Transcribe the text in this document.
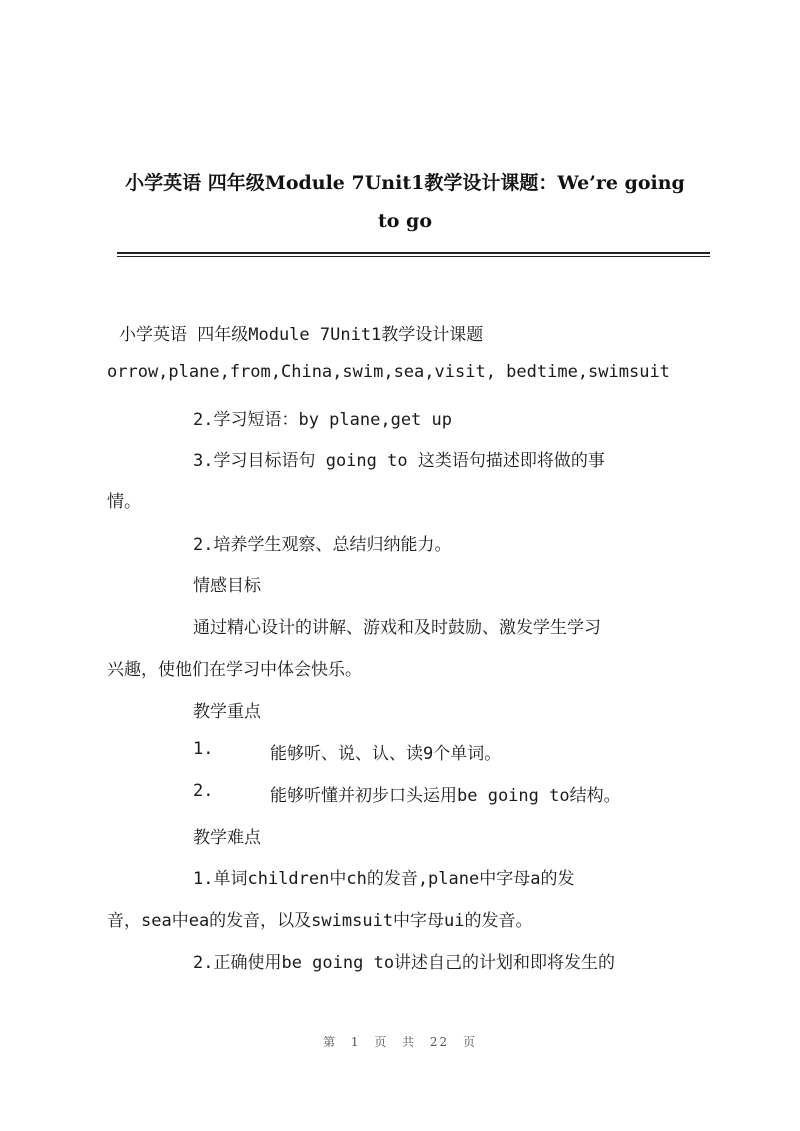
小学英语 四年级Module 7Unit1教学设计课题：We’re going
to go
小学英语 四年级Module 7Unit1教学设计课题
orrow,plane,from,China,swim,sea,visit, bedtime,swimsuit
2.学习短语：by plane,get up
3.学习目标语句 going to 这类语句描述即将做的事
情。
2.培养学生观察、总结归纳能力。
情感目标
通过精心设计的讲解、游戏和及时鼓励、激发学生学习
兴趣，使他们在学习中体会快乐。
教学重点
1.	能够听、说、认、读9个单词。
2.	能够听懂并初步口头运用be going to结构。
教学难点
1.单词children中ch的发音,plane中字母a的发
音，sea中ea的发音，以及swimsuit中字母ui的发音。
2.正确使用be going to讲述自己的计划和即将发生的
第 1 页 共 22 页
